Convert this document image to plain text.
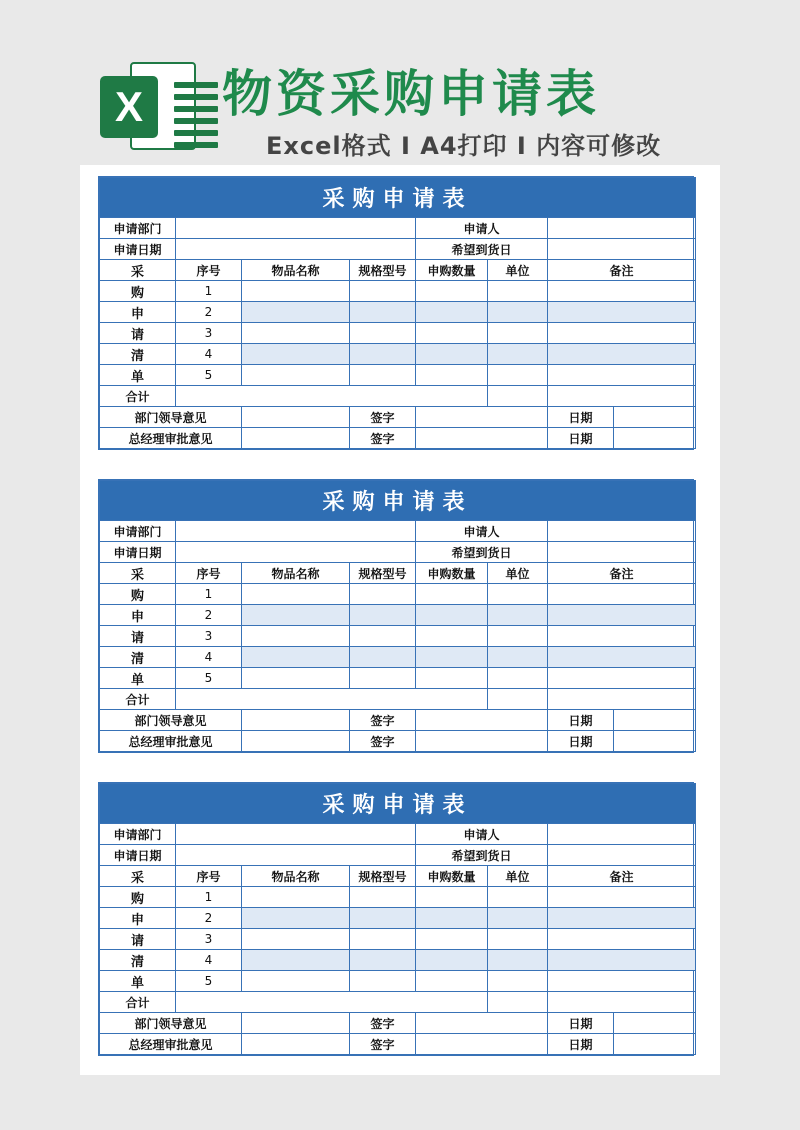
X	物资采购申请表
Excel格式 I A4打印 I 内容可修改
采购申请表							
申请部门				申请人			
申请日期				希望到货日			
采	序号	物品名称	规格型号	申购数量	单位	备注	
购	1						
申	2						
请	3						
清	4						
单	5						
合计							
部门领导意见			签字			日期	
总经理审批意见			签字			日期	
采购申请表							
申请部门				申请人			
申请日期				希望到货日			
采	序号	物品名称	规格型号	申购数量	单位	备注	
购	1						
申	2						
请	3						
清	4						
单	5						
合计							
部门领导意见			签字			日期	
总经理审批意见			签字			日期	
采购申请表							
申请部门				申请人			
申请日期				希望到货日			
采	序号	物品名称	规格型号	申购数量	单位	备注	
购	1						
申	2						
请	3						
清	4						
单	5						
合计							
部门领导意见			签字			日期	
总经理审批意见			签字			日期	
